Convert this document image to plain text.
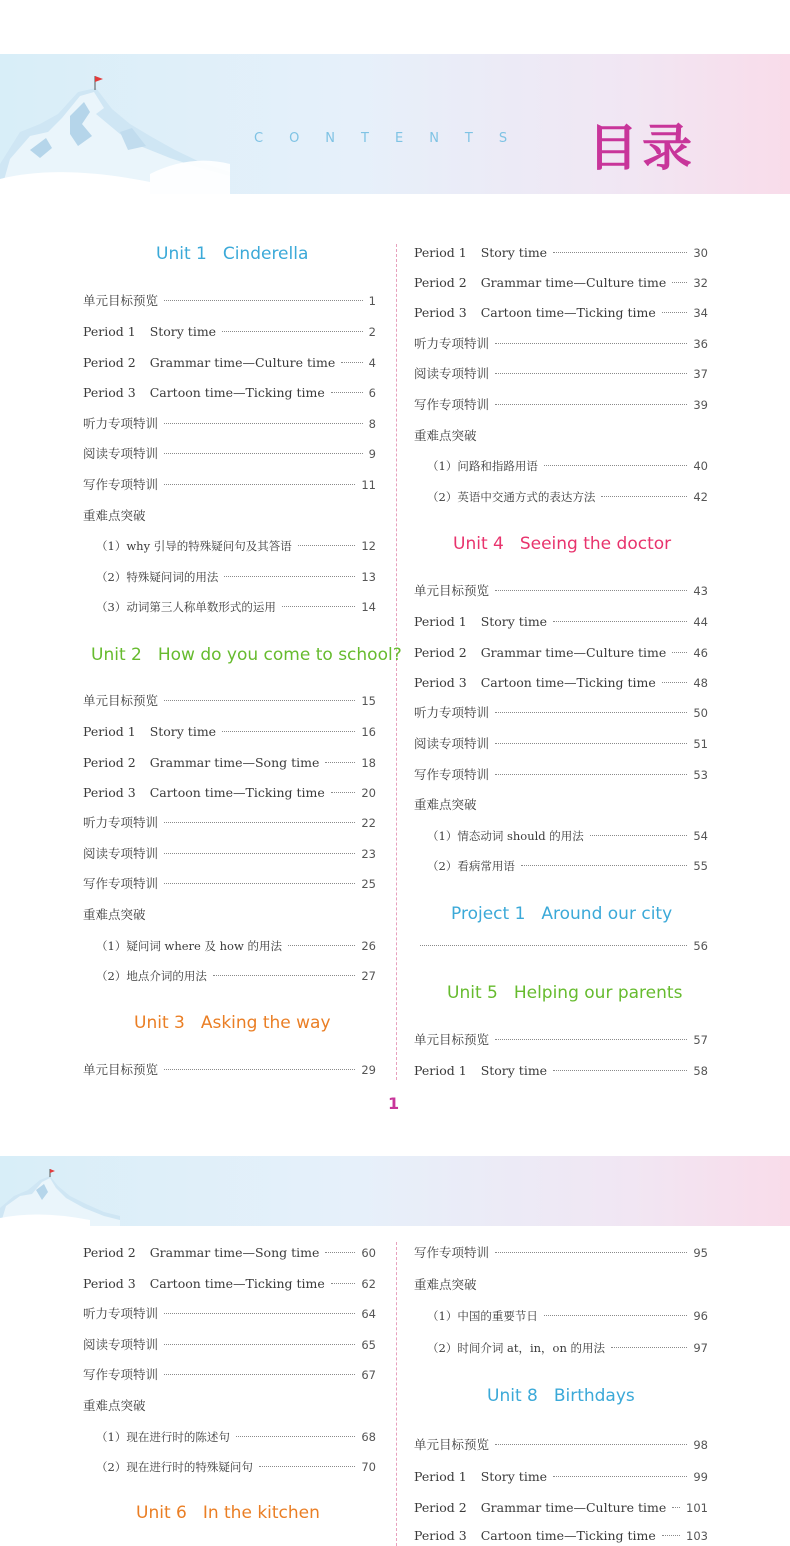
CONTENTS 目录
Unit 1 Cinderella
单元目标预览	1
Period 1 Story time	2
Period 2 Grammar time—Culture time	4
Period 3 Cartoon time—Ticking time	6
听力专项特训	8
阅读专项特训	9
写作专项特训	11
重难点突破
（1）why 引导的特殊疑问句及其答语	12
（2）特殊疑问词的用法	13
（3）动词第三人称单数形式的运用	14
Unit 2 How do you come to school?
单元目标预览	15
Period 1 Story time	16
Period 2 Grammar time—Song time	18
Period 3 Cartoon time—Ticking time	20
听力专项特训	22
阅读专项特训	23
写作专项特训	25
重难点突破
（1）疑问词 where 及 how 的用法	26
（2）地点介词的用法	27
Unit 3 Asking the way
单元目标预览	29
Period 1 Story time	30
Period 2 Grammar time—Culture time 32
Period 3 Cartoon time—Ticking time	34
听力专项特训	36
阅读专项特训	37
写作专项特训	39
重难点突破
（1）问路和指路用语	40
（2）英语中交通方式的表达方法	42
Unit 4 Seeing the doctor
单元目标预览	43
Period 1 Story time	44
Period 2 Grammar time—Culture time 46
Period 3 Cartoon time—Ticking time	48
听力专项特训	50
阅读专项特训	51
写作专项特训	53
重难点突破
（1）情态动词 should 的用法	54
（2）看病常用语	55
Project 1 Around our city
56
Unit 5 Helping our parents
单元目标预览	57
Period 1 Story time	58
1
Period 2 Grammar time—Song time	60
Period 3 Cartoon time—Ticking time	62
听力专项特训	64
阅读专项特训	65
写作专项特训	67
重难点突破
（1）现在进行时的陈述句	68
（2）现在进行时的特殊疑问句	70
Unit 6 In the kitchen
写作专项特训	95
重难点突破
（1）中国的重要节日	96
（2）时间介词 at，in，on 的用法	97
Unit 8 Birthdays
单元目标预览	98
Period 1 Story time	99
Period 2 Grammar time—Culture time 101
Period 3 Cartoon time—Ticking time	103
